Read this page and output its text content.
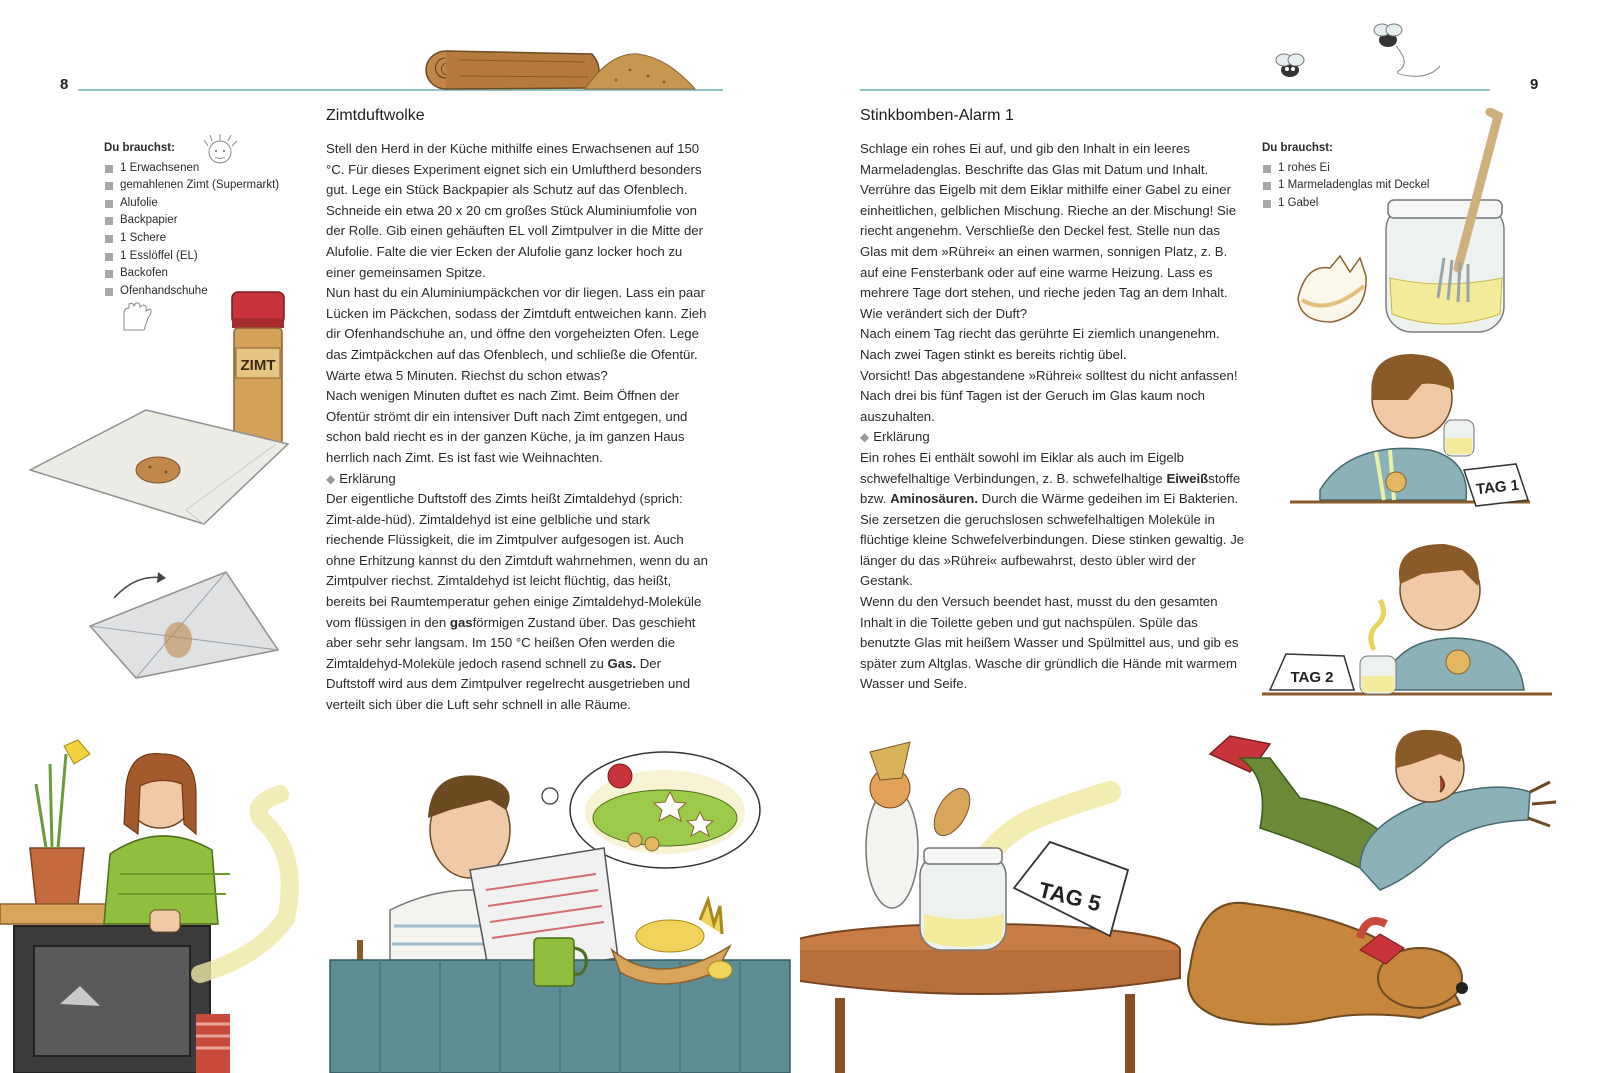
8
Zimtduftwolke
Du brauchst:
1 Erwachsenen
gemahlenen Zimt (Supermarkt)
Alufolie
Backpapier
1 Schere
1 Esslöffel (EL)
Backofen
Ofenhandschuhe
ZIMT

Stell den Herd in der Küche mithilfe eines Erwachsenen auf 150 °C. Für dieses Experiment eignet sich ein Umluftherd besonders gut. Lege ein Stück Backpapier als Schutz auf das Ofenblech.

Schneide ein etwa 20 x 20 cm großes Stück Aluminiumfolie von der Rolle. Gib einen gehäuften EL voll Zimtpulver in die Mitte der Alufolie. Falte die vier Ecken der Alufolie ganz locker hoch zu einer gemeinsamen Spitze.

Nun hast du ein Aluminiumpäckchen vor dir liegen. Lass ein paar Lücken im Päckchen, sodass der Zimtduft entweichen kann. Zieh dir Ofenhandschuhe an, und öffne den vorgeheizten Ofen. Lege das Zimtpäckchen auf das Ofenblech, und schließe die Ofentür. Warte etwa 5 Minuten. Riechst du schon etwas?

Nach wenigen Minuten duftet es nach Zimt. Beim Öffnen der Ofentür strömt dir ein intensiver Duft nach Zimt entgegen, und schon bald riecht es in der ganzen Küche, ja im ganzen Haus herrlich nach Zimt. Es ist fast wie Weihnachten.

◆ Erklärung

Der eigentliche Duftstoff des Zimts heißt Zimtaldehyd (sprich: Zimt-alde-hüd). Zimtaldehyd ist eine gelbliche und stark riechende Flüssigkeit, die im Zimtpulver aufgesogen ist. Auch ohne Erhitzung kannst du den Zimtduft wahrnehmen, wenn du an Zimtpulver riechst. Zimtaldehyd ist leicht flüchtig, das heißt, bereits bei Raumtemperatur gehen einige Zimtaldehyd-Moleküle vom flüssigen in den gasförmigen Zustand über. Das geschieht aber sehr sehr langsam. Im 150 °C heißen Ofen werden die Zimtaldehyd-Moleküle jedoch rasend schnell zu Gas. Der Duftstoff wird aus dem Zimtpulver regelrecht ausgetrieben und verteilt sich über die Luft sehr schnell in alle Räume.

9
Stinkbomben-Alarm 1

Schlage ein rohes Ei auf, und gib den Inhalt in ein leeres Marmeladenglas. Beschrifte das Glas mit Datum und Inhalt. Verrühre das Eigelb mit dem Eiklar mithilfe einer Gabel zu einer einheitlichen, gelblichen Mischung. Rieche an der Mischung! Sie riecht angenehm. Verschließe den Deckel fest. Stelle nun das Glas mit dem »Rührei« an einen warmen, sonnigen Platz, z. B. auf eine Fensterbank oder auf eine warme Heizung. Lass es mehrere Tage dort stehen, und rieche jeden Tag an dem Inhalt. Wie verändert sich der Duft?

Nach einem Tag riecht das gerührte Ei ziemlich unangenehm.

Nach zwei Tagen stinkt es bereits richtig übel.

Vorsicht! Das abgestandene »Rührei« solltest du nicht anfassen!

Nach drei bis fünf Tagen ist der Geruch im Glas kaum noch auszuhalten.

◆ Erklärung

Ein rohes Ei enthält sowohl im Eiklar als auch im Eigelb schwefelhaltige Verbindungen, z. B. schwefelhaltige Eiweißstoffe bzw. Aminosäuren. Durch die Wärme gedeihen im Ei Bakterien. Sie zersetzen die geruchslosen schwefelhaltigen Moleküle in flüchtige kleine Schwefelverbindungen. Diese stinken gewaltig. Je länger du das »Rührei« aufbewahrst, desto übler wird der Gestank.

Wenn du den Versuch beendet hast, musst du den gesamten Inhalt in die Toilette geben und gut nachspülen. Spüle das benutzte Glas mit heißem Wasser und Spülmittel aus, und gib es später zum Altglas. Wasche dir gründlich die Hände mit warmem Wasser und Seife.

Du brauchst:
1 rohes Ei
1 Marmeladenglas mit Deckel
1 Gabel
TAG 1
TAG 2
TAG 5
